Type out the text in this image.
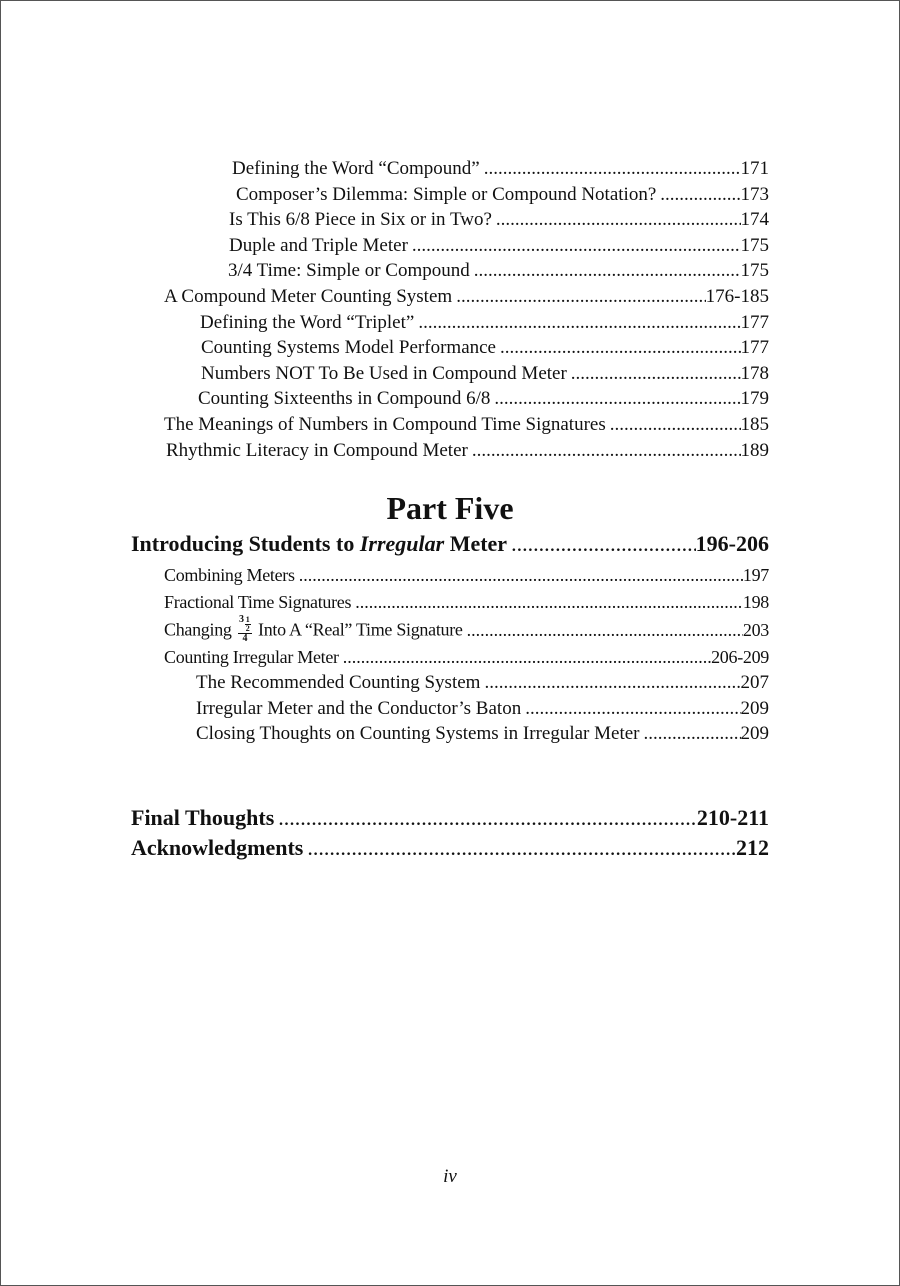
Defining the Word “Compound” .....	171
Composer’s Dilemma: Simple or Compound Notation? .....	173
Is This 6/8 Piece in Six or in Two? .....	174
Duple and Triple Meter .....	175
3/4 Time: Simple or Compound .....	175
A Compound Meter Counting System .....	176-185
Defining the Word “Triplet” .....	177
Counting Systems Model Performance .....	177
Numbers NOT To Be Used in Compound Meter .....	178
Counting Sixteenths in Compound 6/8 .....	179
The Meanings of Numbers in Compound Time Signatures .....	185
Rhythmic Literacy in Compound Meter .....	189
Part Five
Introducing Students to Irregular Meter .....	196-206
Combining Meters .....	197
Fractional Time Signatures .....	198
Changing 3 1
2
4 Into A “Real” Time Signature .....	203
Counting Irregular Meter .....	206-209
The Recommended Counting System .....	207
Irregular Meter and the Conductor’s Baton .....	209
Closing Thoughts on Counting Systems in Irregular Meter .....	209
Final Thoughts .....	210-211
Acknowledgments .....	212
iv
